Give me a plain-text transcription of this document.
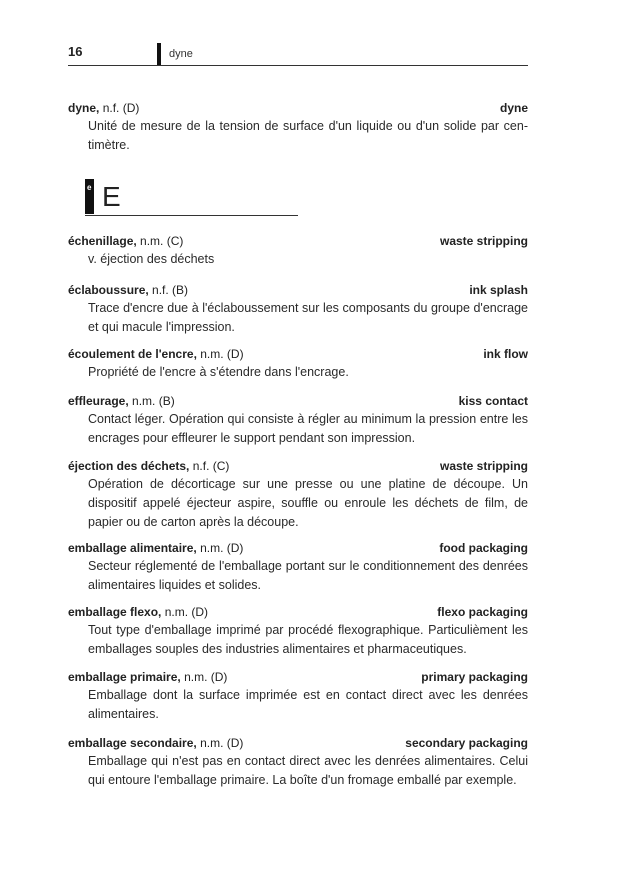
16	dyne
dyne, n.f. (D)	dyne
Unité de mesure de la tension de surface d'un liquide ou d'un solide par cen-timètre.
e E
échenillage, n.m. (C)	waste stripping
v. éjection des déchets
éclaboussure, n.f. (B)	ink splash
Trace d'encre due à l'éclaboussement sur les composants du groupe d'encrage et qui macule l'impression.
écoulement de l'encre, n.m. (D)	ink flow
Propriété de l'encre à s'étendre dans l'encrage.
effleurage, n.m. (B)	kiss contact
Contact léger. Opération qui consiste à régler au minimum la pression entre les encrages pour effleurer le support pendant son impression.
éjection des déchets, n.f. (C)	waste stripping
Opération de décorticage sur une presse ou une platine de découpe. Un dispositif appelé éjecteur aspire, souffle ou enroule les déchets de film, de papier ou de carton après la découpe.
emballage alimentaire, n.m. (D)	food packaging
Secteur réglementé de l'emballage portant sur le conditionnement des denrées alimentaires liquides et solides.
emballage flexo, n.m. (D)	flexo packaging
Tout type d'emballage imprimé par procédé flexographique. Particulièment les emballages souples des industries alimentaires et pharmaceutiques.
emballage primaire, n.m. (D)	primary packaging
Emballage dont la surface imprimée est en contact direct avec les denrées alimentaires.
emballage secondaire, n.m. (D)	secondary packaging
Emballage qui n'est pas en contact direct avec les denrées alimentaires. Celui qui entoure l'emballage primaire. La boîte d'un fromage emballé par exemple.
